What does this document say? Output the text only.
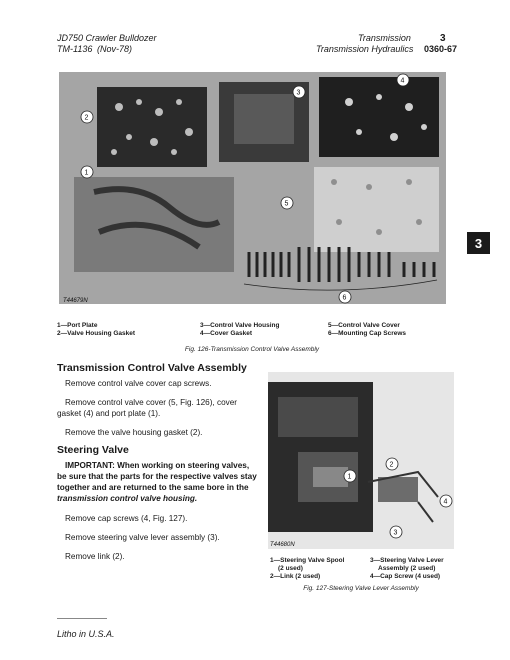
JD750 Crawler Bulldozer
TM-1136 (Nov-78)
Transmission	3
Transmission Hydraulics 0360-67
1
2
3
4
5
6
T44679N
1—Port Plate
2—Valve Housing Gasket
3—Control Valve Housing
4—Cover Gasket
5—Control Valve Cover
6—Mounting Cap Screws
Fig. 126-Transmission Control Valve Assembly
3
Transmission Control Valve Assembly

Remove control valve cover cap screws.

Remove control valve cover (5, Fig. 126), cover

gasket (4) and port plate (1).

Remove the valve housing gasket (2).

Steering Valve

IMPORTANT: When working on steering valves,

be sure that the parts for the respective valves stay

together and are returned to the same bore in the

transmission control valve housing.

Remove cap screws (4, Fig. 127).

Remove steering valve lever assembly (3).

Remove link (2).

1
2
3
4
T44680N
1—Steering Valve Spool
(2 used)
2—Link (2 used)
3—Steering Valve Lever
Assembly (2 used)
4—Cap Screw (4 used)
Fig. 127-Steering Valve Lever Assembly
Litho in U.S.A.
